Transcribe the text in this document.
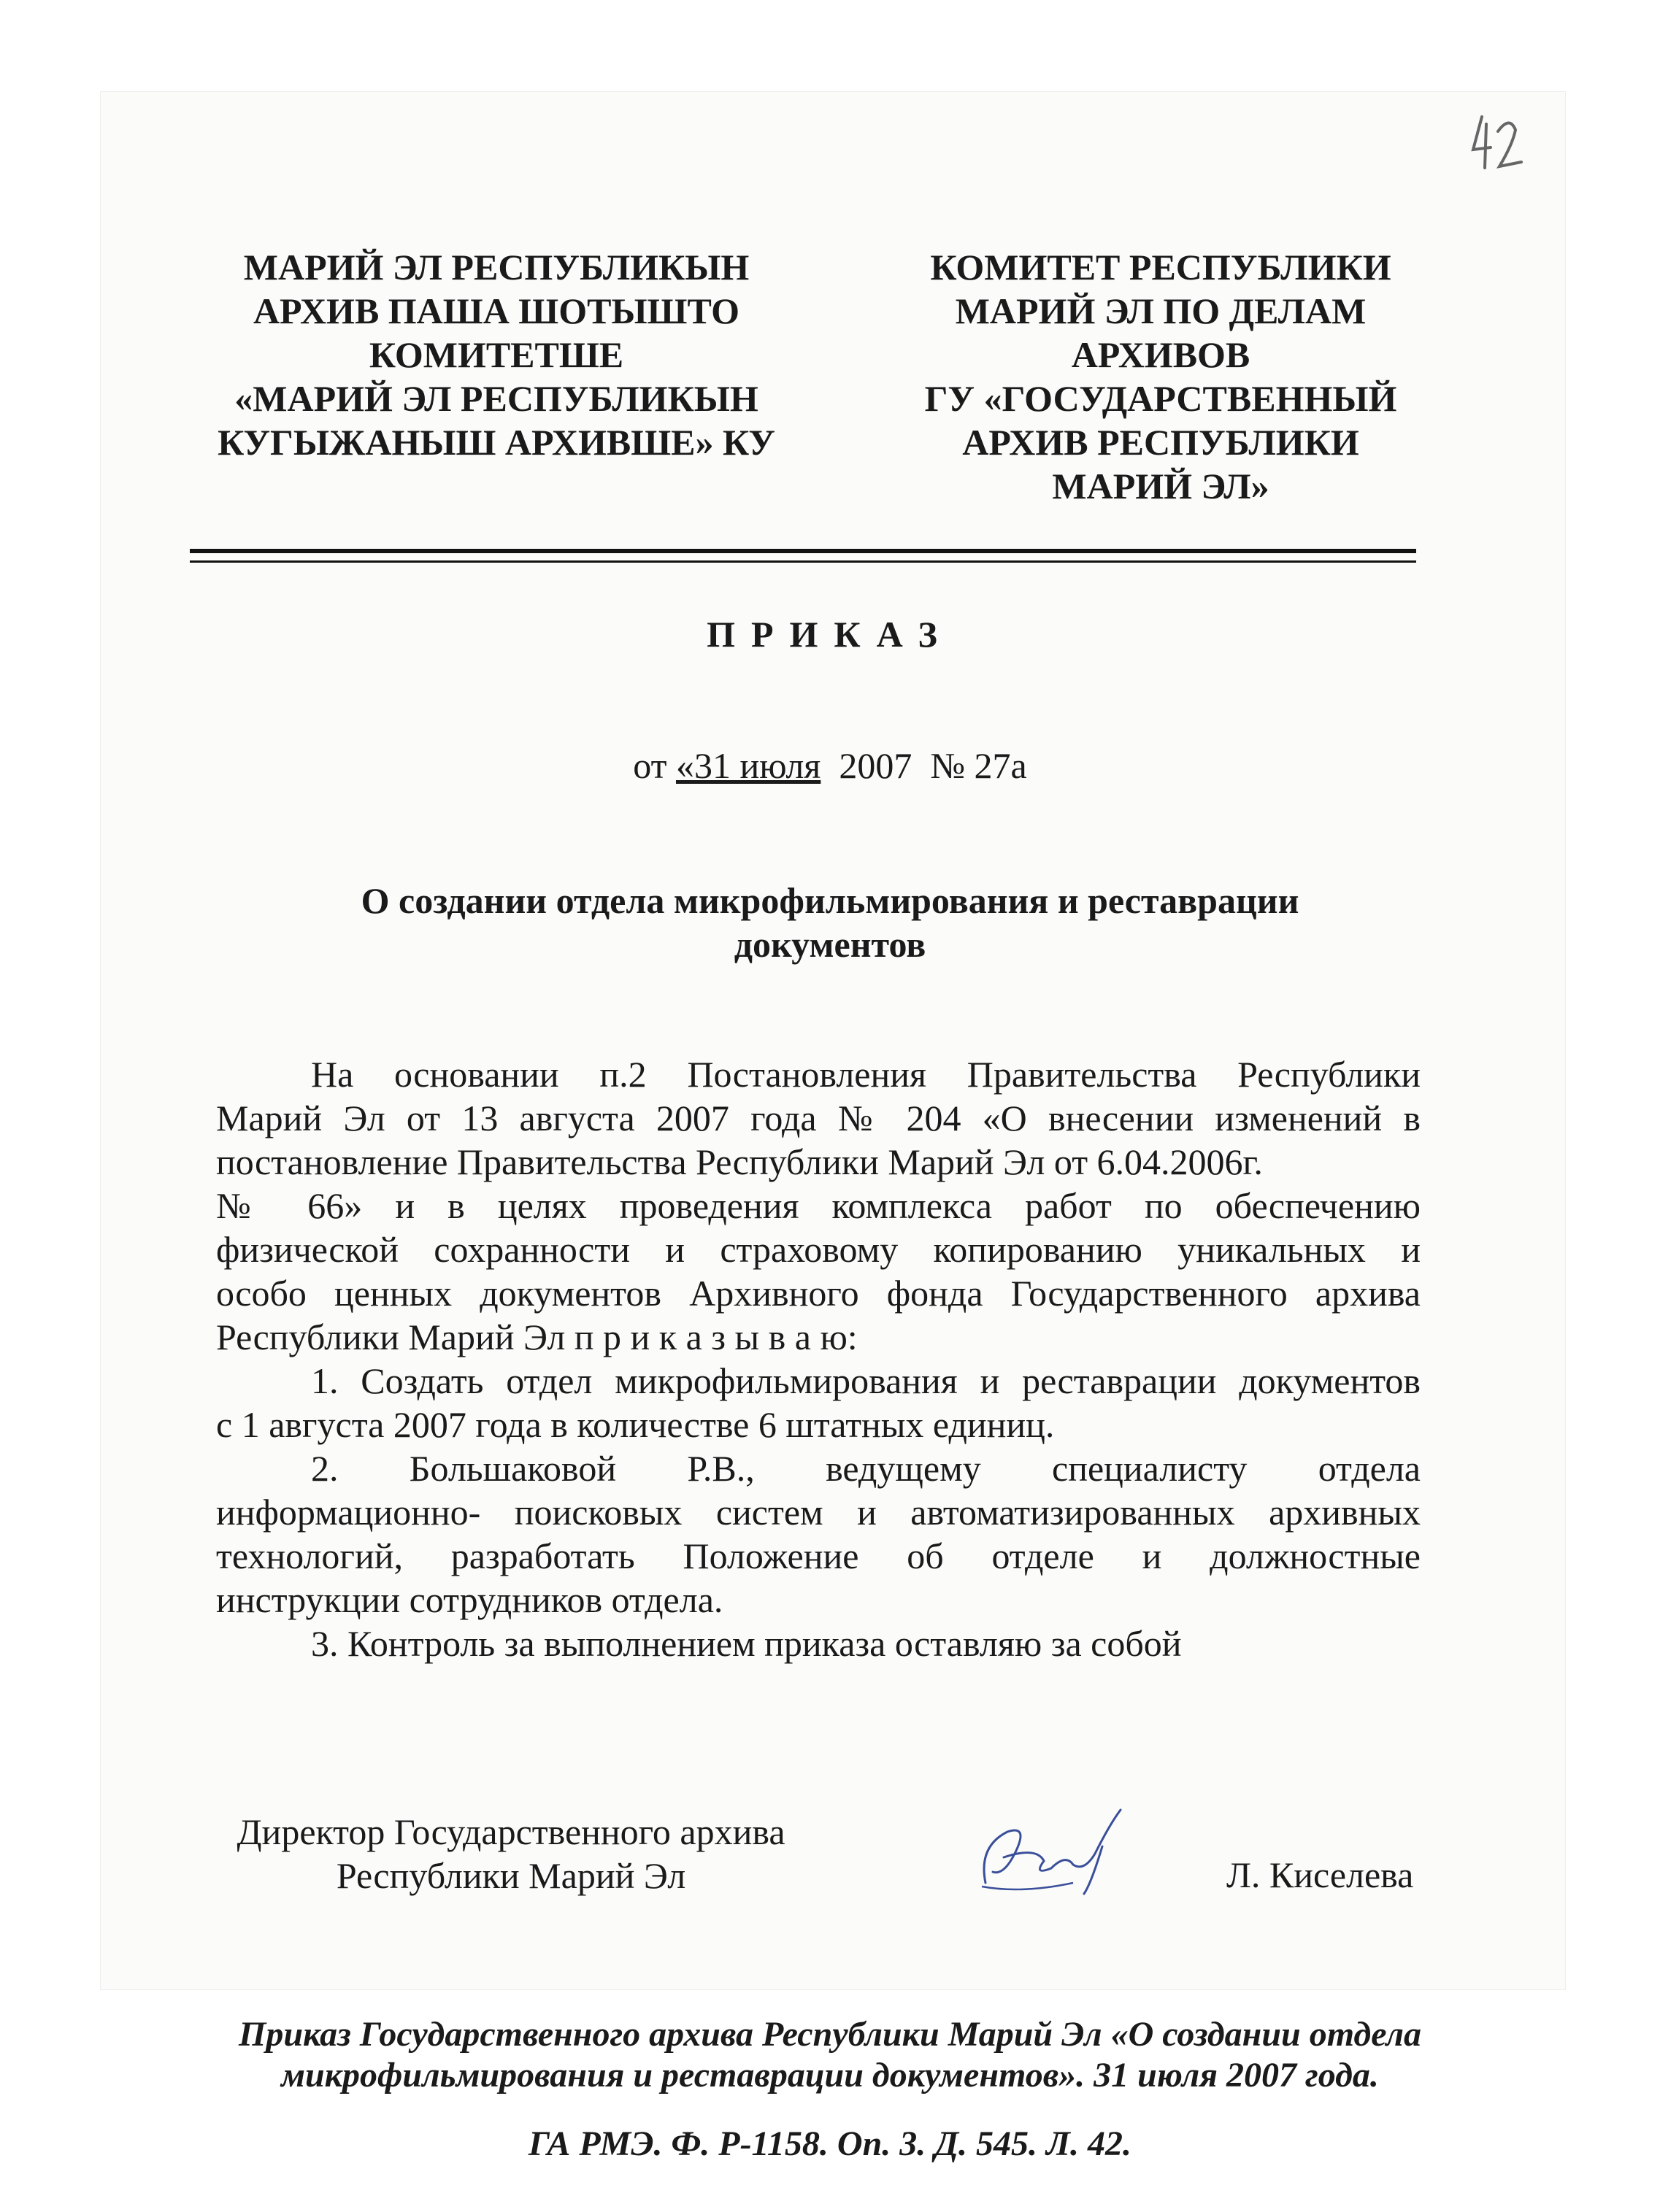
МАРИЙ ЭЛ РЕСПУБЛИКЫН
АРХИВ ПАША ШОТЫШТО
КОМИТЕТШЕ
«МАРИЙ ЭЛ РЕСПУБЛИКЫН
КУГЫЖАНЫШ АРХИВШЕ» КУ
КОМИТЕТ РЕСПУБЛИКИ
МАРИЙ ЭЛ ПО ДЕЛАМ
АРХИВОВ
ГУ «ГОСУДАРСТВЕННЫЙ
АРХИВ РЕСПУБЛИКИ
МАРИЙ ЭЛ»
ПРИКАЗ
от «31 июля  2007  № 27а
О создании отдела микрофильмирования и реставрации
документов
На основании п.2 Постановления Правительства Республики
Марий Эл от 13 августа 2007 года № 204 «О внесении изменений в
постановление Правительства Республики Марий Эл от 6.04.2006г.
№ 66» и в целях проведения комплекса работ по обеспечению
физической сохранности и страховому копированию уникальных и
особо ценных документов Архивного фонда Государственного архива
Республики Марий Эл п р и к а з ы в а ю:
1. Создать отдел микрофильмирования и реставрации документов
с 1 августа 2007 года в количестве 6 штатных единиц.
2. Большаковой Р.В., ведущему специалисту отдела
информационно- поисковых систем и автоматизированных архивных
технологий, разработать Положение об отделе и должностные
инструкции сотрудников отдела.
3. Контроль за выполнением приказа оставляю за собой
Директор Государственного архива
Республики Марий Эл	Л. Киселева
Приказ Государственного архива Республики Марий Эл «О создании отдела
микрофильмирования и реставрации документов». 31 июля 2007 года.
ГА РМЭ. Ф. Р-1158. Оп. 3. Д. 545. Л. 42.
